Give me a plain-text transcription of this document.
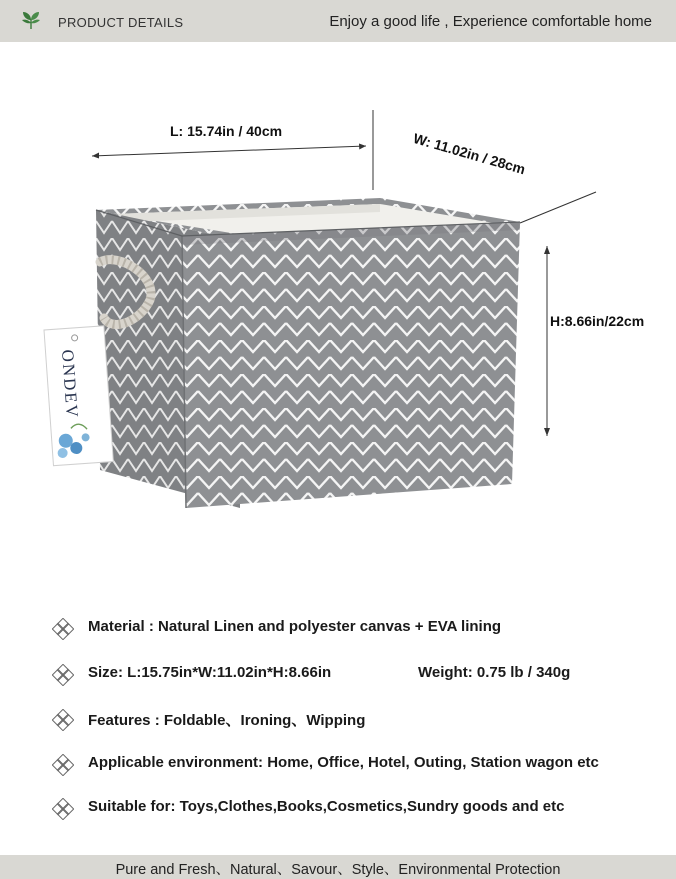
PRODUCT DETAILS	Enjoy a good life , Experience comfortable home
ONDEV
L: 15.74in / 40cm	W: 11.02in / 28cm
H:8.66in/22cm
Material : Natural Linen and polyester canvas + EVA lining
Size: L:15.75in*W:11.02in*H:8.66in	Weight: 0.75 lb / 340g
Features : Foldable、Ironing、Wipping
Applicable environment: Home, Office, Hotel, Outing, Station wagon etc
Suitable for: Toys,Clothes,Books,Cosmetics,Sundry goods and etc
Pure and Fresh、Natural、Savour、Style、Environmental Protection
